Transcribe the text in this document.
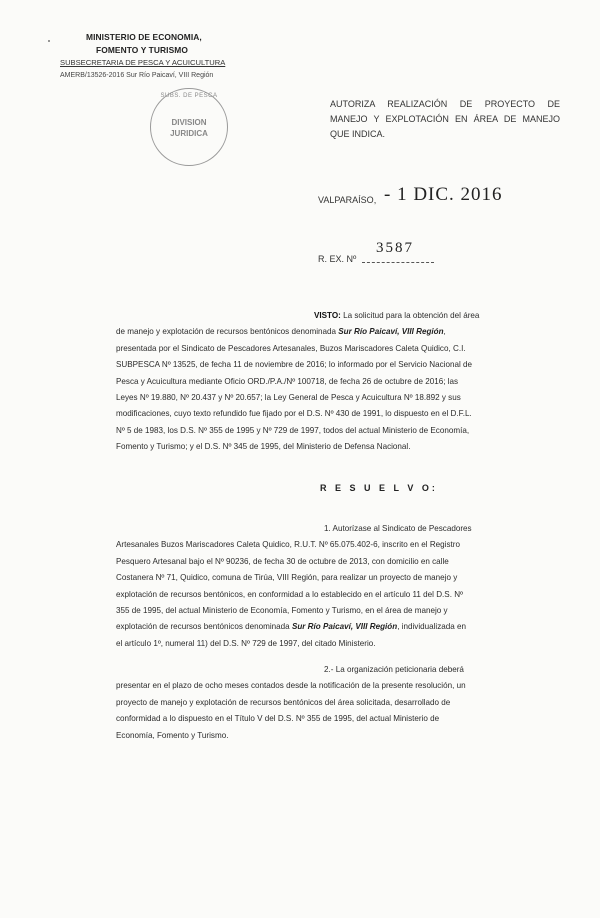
MINISTERIO DE ECONOMIA,
FOMENTO Y TURISMO
SUBSECRETARIA DE PESCA Y ACUICULTURA
AMERB/13526-2016 Sur Río Paicaví, VIII Región
SUBS. DE PESCA
DIVISION
JURIDICA
AUTORIZA REALIZACIÓN DE PROYECTO DE MANEJO Y EXPLOTACIÓN EN ÁREA DE MANEJO QUE INDICA.
VALPARAÍSO, - 1 DIC. 2016
R. EX. Nº
3587
VISTO: La solicitud para la obtención del área
de manejo y explotación de recursos bentónicos denominada Sur Río Paicaví, VIII Región,
presentada por el Sindicato de Pescadores Artesanales, Buzos Mariscadores Caleta Quidico, C.I.
SUBPESCA Nº 13525, de fecha 11 de noviembre de 2016; lo informado por el Servicio Nacional de
Pesca y Acuicultura mediante Oficio ORD./P.A./Nº 100718, de fecha 26 de octubre de 2016; las
Leyes Nº 19.880, Nº 20.437 y Nº 20.657; la Ley General de Pesca y Acuicultura Nº 18.892 y sus
modificaciones, cuyo texto refundido fue fijado por el D.S. Nº 430 de 1991, lo dispuesto en el D.F.L.
Nº 5 de 1983, los D.S. Nº 355 de 1995 y Nº 729 de 1997, todos del actual Ministerio de Economía,
Fomento y Turismo; y el D.S. Nº 345 de 1995, del Ministerio de Defensa Nacional.
R E S U E L V O:
1. Autorízase al Sindicato de Pescadores
Artesanales Buzos Mariscadores Caleta Quidico, R.U.T. Nº 65.075.402-6, inscrito en el Registro
Pesquero Artesanal bajo el Nº 90236, de fecha 30 de octubre de 2013, con domicilio en calle
Costanera Nº 71, Quidico, comuna de Tirúa, VIII Región, para realizar un proyecto de manejo y
explotación de recursos bentónicos, en conformidad a lo establecido en el artículo 11 del D.S. Nº
355 de 1995, del actual Ministerio de Economía, Fomento y Turismo, en el área de manejo y
explotación de recursos bentónicos denominada Sur Río Paicaví, VIII Región, individualizada en
el artículo 1º, numeral 11) del D.S. Nº 729 de 1997, del citado Ministerio.
2.- La organización peticionaria deberá
presentar en el plazo de ocho meses contados desde la notificación de la presente resolución, un
proyecto de manejo y explotación de recursos bentónicos del área solicitada, desarrollado de
conformidad a lo dispuesto en el Título V del D.S. Nº 355 de 1995, del actual Ministerio de
Economía, Fomento y Turismo.
